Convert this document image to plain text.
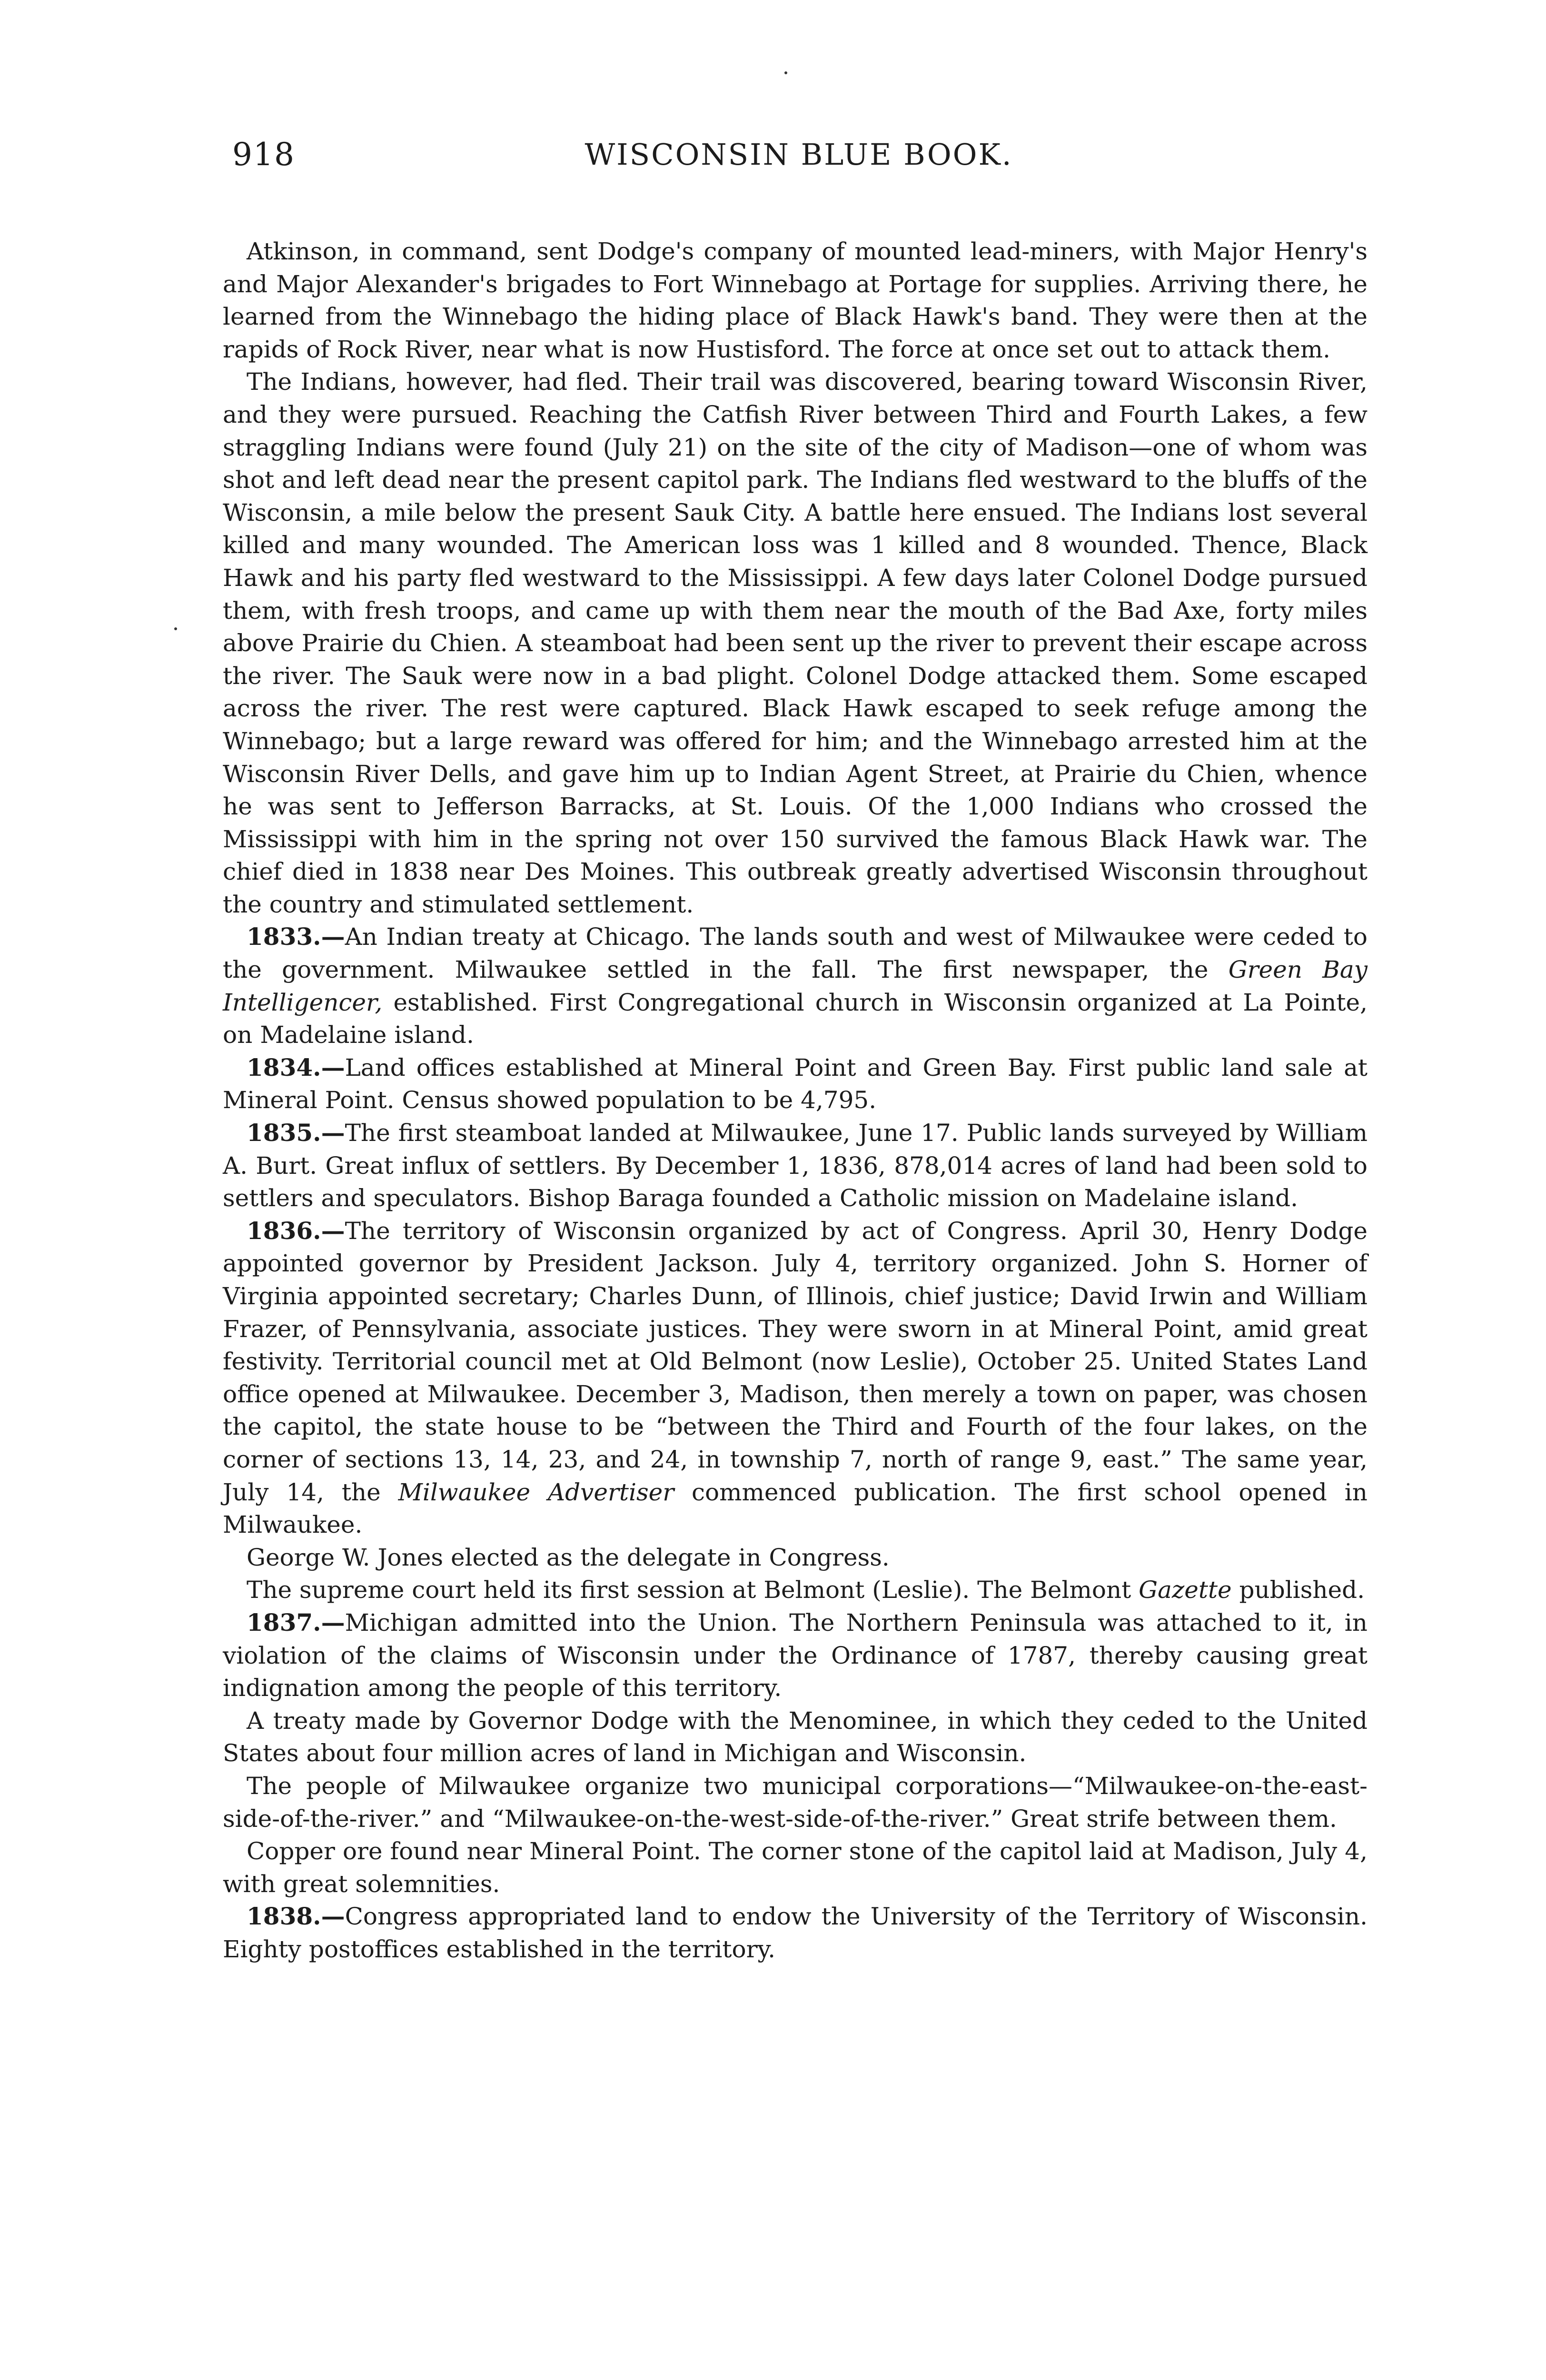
918	WISCONSIN BLUE BOOK.

Atkinson, in command, sent Dodge's company of mounted lead-miners, with Major Henry's and Major Alexander's brigades to Fort Winnebago at Portage for supplies. Arriving there, he learned from the Winnebago the hiding place of Black Hawk's band. They were then at the rapids of Rock River, near what is now Hustisford. The force at once set out to attack them.

The Indians, however, had fled. Their trail was discovered, bearing toward Wisconsin River, and they were pursued. Reaching the Catfish River between Third and Fourth Lakes, a few straggling Indians were found (July 21) on the site of the city of Madison—one of whom was shot and left dead near the present capitol park. The Indians fled westward to the bluffs of the Wisconsin, a mile below the present Sauk City. A battle here ensued. The Indians lost several killed and many wounded. The American loss was 1 killed and 8 wounded. Thence, Black Hawk and his party fled westward to the Mississippi. A few days later Colonel Dodge pursued them, with fresh troops, and came up with them near the mouth of the Bad Axe, forty miles above Prairie du Chien. A steamboat had been sent up the river to prevent their escape across the river. The Sauk were now in a bad plight. Colonel Dodge attacked them. Some escaped across the river. The rest were captured. Black Hawk escaped to seek refuge among the Winnebago; but a large reward was offered for him; and the Winnebago arrested him at the Wisconsin River Dells, and gave him up to Indian Agent Street, at Prairie du Chien, whence he was sent to Jefferson Barracks, at St. Louis. Of the 1,000 Indians who crossed the Mississippi with him in the spring not over 150 survived the famous Black Hawk war. The chief died in 1838 near Des Moines. This outbreak greatly advertised Wisconsin throughout the country and stimulated settlement.

1833.—An Indian treaty at Chicago. The lands south and west of Milwaukee were ceded to the government. Milwaukee settled in the fall. The first newspaper, the Green Bay Intelligencer, established. First Congregational church in Wisconsin organized at La Pointe, on Madelaine island.

1834.—Land offices established at Mineral Point and Green Bay. First public land sale at Mineral Point. Census showed population to be 4,795.

1835.—The first steamboat landed at Milwaukee, June 17. Public lands surveyed by William A. Burt. Great influx of settlers. By December 1, 1836, 878,014 acres of land had been sold to settlers and speculators. Bishop Baraga founded a Catholic mission on Madelaine island.

1836.—The territory of Wisconsin organized by act of Congress. April 30, Henry Dodge appointed governor by President Jackson. July 4, territory organized. John S. Horner of Virginia appointed secretary; Charles Dunn, of Illinois, chief justice; David Irwin and William Frazer, of Pennsylvania, associate justices. They were sworn in at Mineral Point, amid great festivity. Territorial council met at Old Belmont (now Leslie), October 25. United States Land office opened at Milwaukee. December 3, Madison, then merely a town on paper, was chosen the capitol, the state house to be “between the Third and Fourth of the four lakes, on the corner of sections 13, 14, 23, and 24, in township 7, north of range 9, east.” The same year, July 14, the Milwaukee Advertiser commenced publication. The first school opened in Milwaukee.

George W. Jones elected as the delegate in Congress.

The supreme court held its first session at Belmont (Leslie). The Belmont Gazette published.

1837.—Michigan admitted into the Union. The Northern Peninsula was attached to it, in violation of the claims of Wisconsin under the Ordinance of 1787, thereby causing great indignation among the people of this territory.

A treaty made by Governor Dodge with the Menominee, in which they ceded to the United States about four million acres of land in Michigan and Wisconsin.

The people of Milwaukee organize two municipal corporations—“Milwaukee-on-the-east-side-of-the-river.” and “Milwaukee-on-the-west-side-of-the-river.” Great strife between them.

Copper ore found near Mineral Point. The corner stone of the capitol laid at Madison, July 4, with great solemnities.

1838.—Congress appropriated land to endow the University of the Territory of Wisconsin. Eighty postoffices established in the territory.
